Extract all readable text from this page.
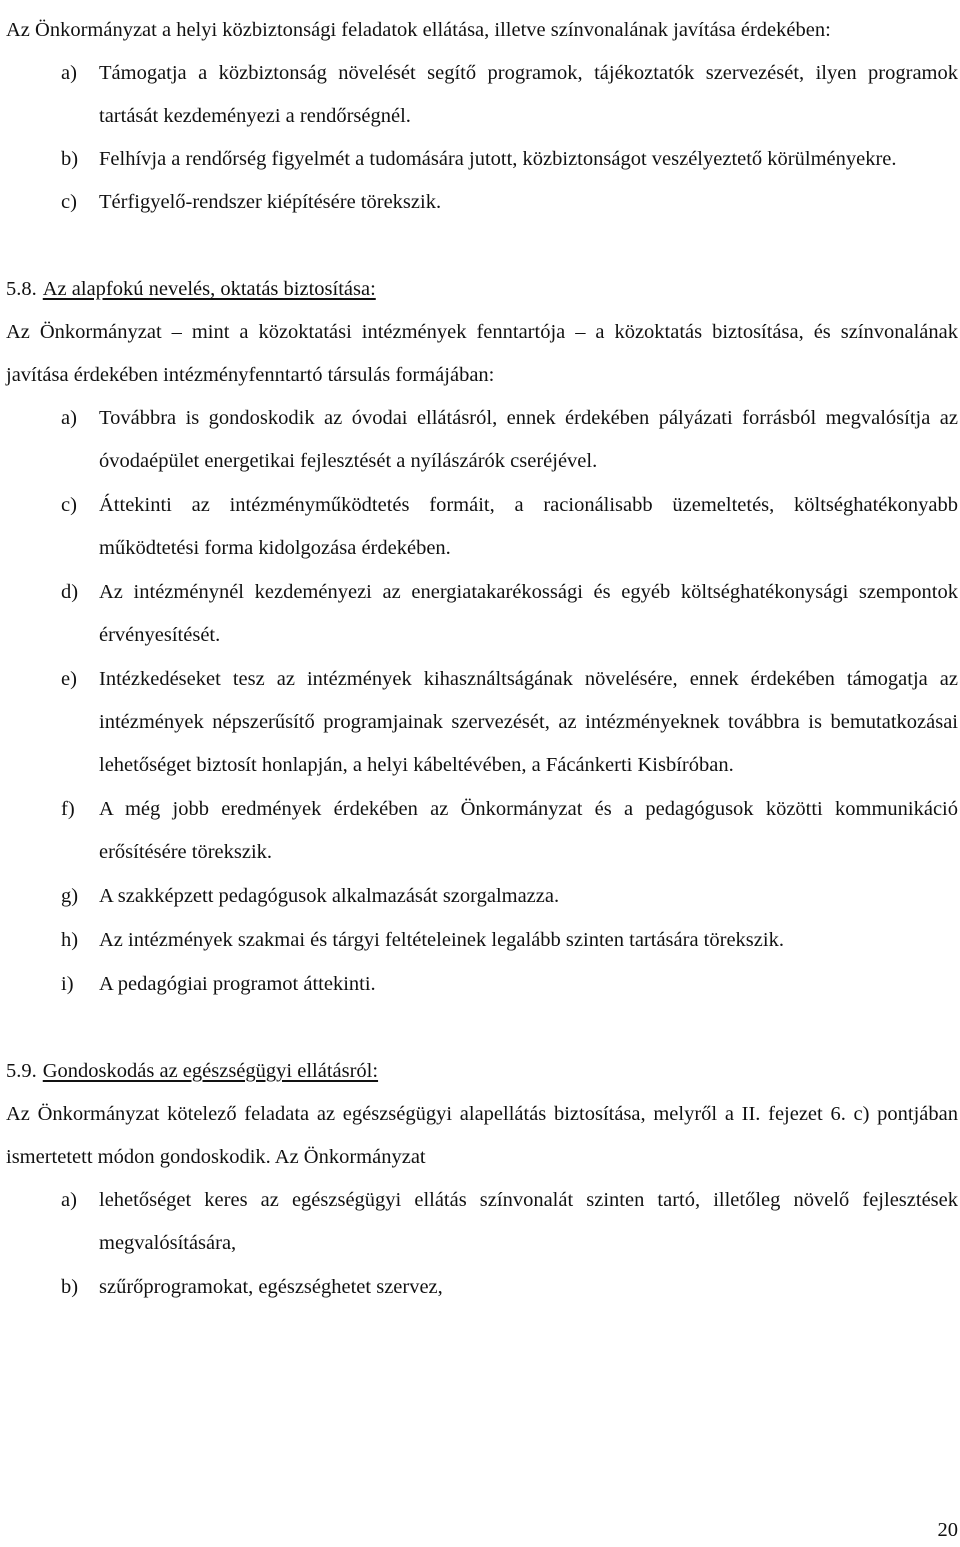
Az Önkormányzat a helyi közbiztonsági feladatok ellátása, illetve színvonalának javítása érdekében:

a)	Támogatja a közbiztonság növelését segítő programok, tájékoztatók szervezését, ilyen programok tartását kezdeményezi a rendőrségnél.
b)	Felhívja a rendőrség figyelmét a tudomására jutott, közbiztonságot veszélyeztető körülményekre.
c)	Térfigyelő-rendszer kiépítésére törekszik.
5.8. Az alapfokú nevelés, oktatás biztosítása:

Az Önkormányzat – mint a közoktatási intézmények fenntartója – a közoktatás biztosítása, és színvonalának javítása érdekében intézményfenntartó társulás formájában:

a)	Továbbra is gondoskodik az óvodai ellátásról, ennek érdekében pályázati forrásból megvalósítja az óvodaépület energetikai fejlesztését a nyílászárók cseréjével.
c)	Áttekinti az intézményműködtetés formáit, a racionálisabb üzemeltetés, költséghatékonyabb működtetési forma kidolgozása érdekében.
d)	Az intézménynél kezdeményezi az energiatakarékossági és egyéb költséghatékonysági szempontok érvényesítését.
e)	Intézkedéseket tesz az intézmények kihasználtságának növelésére, ennek érdekében támogatja az intézmények népszerűsítő programjainak szervezését, az intézményeknek továbbra is bemutatkozásai lehetőséget biztosít honlapján, a helyi kábeltévében, a Fácánkerti Kisbíróban.
f)	A még jobb eredmények érdekében az Önkormányzat és a pedagógusok közötti kommunikáció erősítésére törekszik.
g)	A szakképzett pedagógusok alkalmazását szorgalmazza.
h)	Az intézmények szakmai és tárgyi feltételeinek legalább szinten tartására törekszik.
i)	A pedagógiai programot áttekinti.
5.9. Gondoskodás az egészségügyi ellátásról:

Az Önkormányzat kötelező feladata az egészségügyi alapellátás biztosítása, melyről a II. fejezet 6. c) pontjában ismertetett módon gondoskodik. Az Önkormányzat

a)	lehetőséget keres az egészségügyi ellátás színvonalát szinten tartó, illetőleg növelő fejlesztések megvalósítására,
b)	szűrőprogramokat, egészséghetet szervez,
20
